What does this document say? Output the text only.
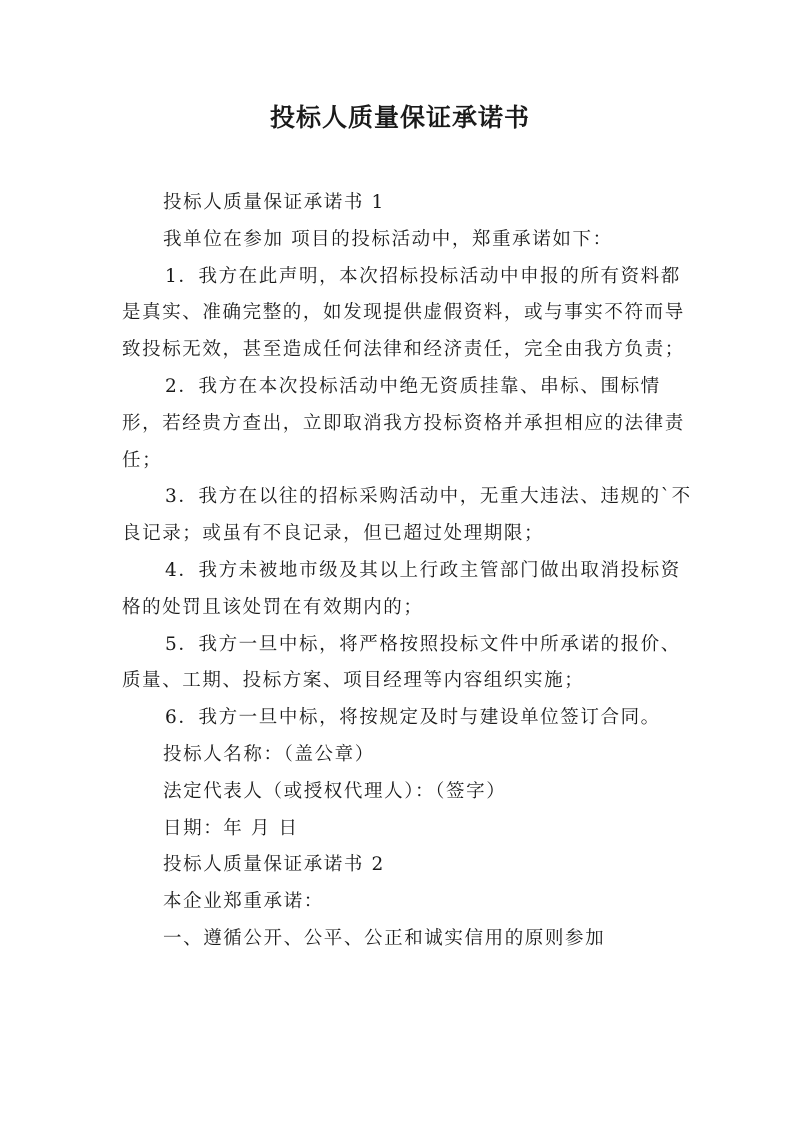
投标人质量保证承诺书

投标人质量保证承诺书 1

我单位在参加 项目的投标活动中，郑重承诺如下：

1．我方在此声明，本次招标投标活动中申报的所有资料都是真实、准确完整的，如发现提供虚假资料，或与事实不符而导致投标无效，甚至造成任何法律和经济责任，完全由我方负责；

2．我方在本次投标活动中绝无资质挂靠、串标、围标情形，若经贵方查出，立即取消我方投标资格并承担相应的法律责任；

3．我方在以往的招标采购活动中，无重大违法、违规的`不良记录；或虽有不良记录，但已超过处理期限；

4．我方未被地市级及其以上行政主管部门做出取消投标资格的处罚且该处罚在有效期内的；

5．我方一旦中标，将严格按照投标文件中所承诺的报价、质量、工期、投标方案、项目经理等内容组织实施；

6．我方一旦中标，将按规定及时与建设单位签订合同。

投标人名称：（盖公章）

法定代表人（或授权代理人）：（签字）

日期：年 月 日

投标人质量保证承诺书 2

本企业郑重承诺：

一、遵循公开、公平、公正和诚实信用的原则参加
